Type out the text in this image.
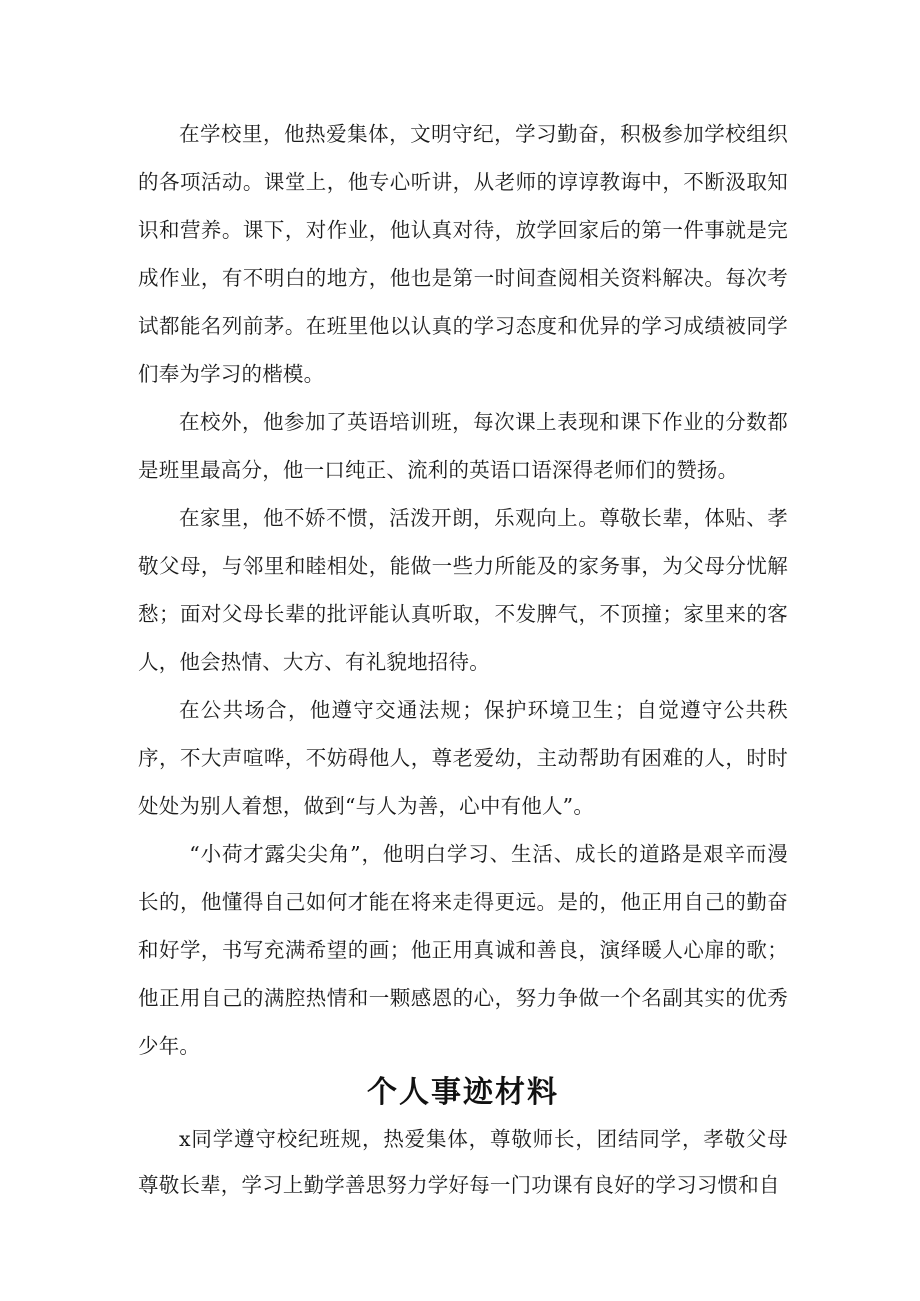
在学校里，他热爱集体，文明守纪，学习勤奋，积极参加学校组织的各项活动。课堂上，他专心听讲，从老师的谆谆教诲中，不断汲取知识和营养。课下，对作业，他认真对待，放学回家后的第一件事就是完成作业，有不明白的地方，他也是第一时间查阅相关资料解决。每次考试都能名列前茅。在班里他以认真的学习态度和优异的学习成绩被同学们奉为学习的楷模。

在校外，他参加了英语培训班，每次课上表现和课下作业的分数都是班里最高分，他一口纯正、流利的英语口语深得老师们的赞扬。

在家里，他不娇不惯，活泼开朗，乐观向上。尊敬长辈，体贴、孝敬父母，与邻里和睦相处，能做一些力所能及的家务事，为父母分忧解愁；面对父母长辈的批评能认真听取，不发脾气，不顶撞；家里来的客人，他会热情、大方、有礼貌地招待。

在公共场合，他遵守交通法规；保护环境卫生；自觉遵守公共秩序，不大声喧哗，不妨碍他人，尊老爱幼，主动帮助有困难的人，时时处处为别人着想，做到“与人为善，心中有他人”。

“小荷才露尖尖角”，他明白学习、生活、成长的道路是艰辛而漫长的，他懂得自己如何才能在将来走得更远。是的，他正用自己的勤奋和好学，书写充满希望的画；他正用真诚和善良，演绎暖人心扉的歌；他正用自己的满腔热情和一颗感恩的心，努力争做一个名副其实的优秀少年。

个人事迹材料

x同学遵守校纪班规，热爱集体，尊敬师长，团结同学，孝敬父母尊敬长辈，学习上勤学善思努力学好每一门功课有良好的学习习惯和自
